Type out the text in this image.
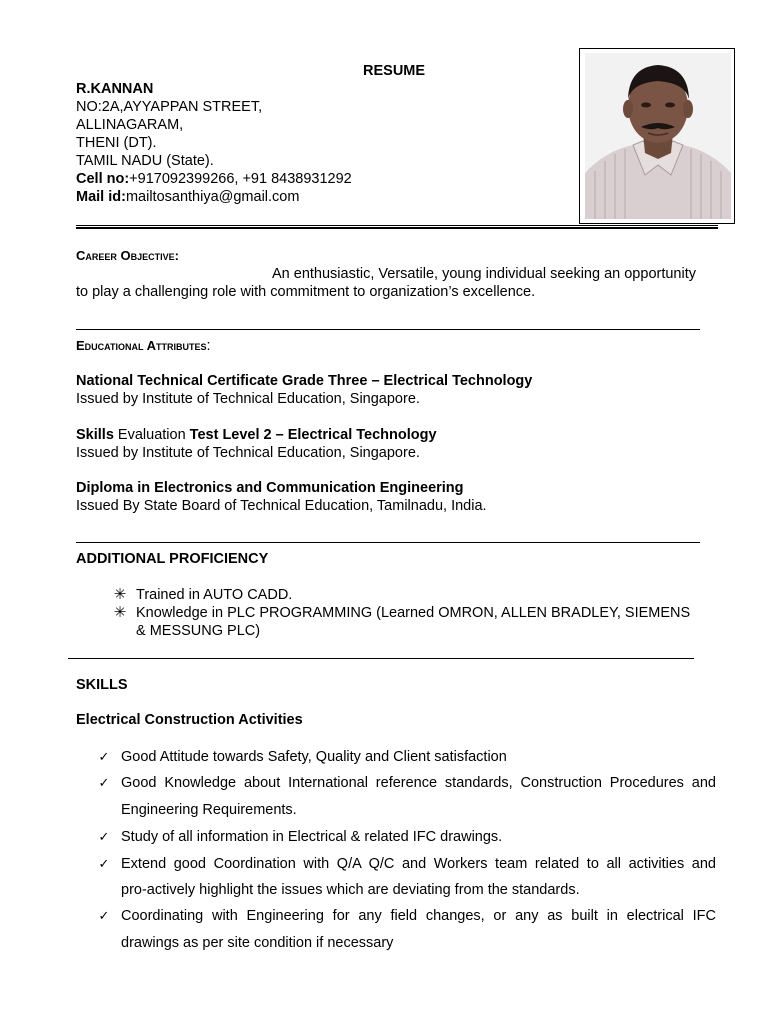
RESUME
R.KANNAN
NO:2A,AYYAPPAN STREET,
ALLINAGARAM,
THENI (DT).
TAMIL NADU (State).
Cell no:+917092399266, +91 8438931292
Mail id:mailtosanthiya@gmail.com
Career Objective:
An enthusiastic, Versatile, young individual seeking an opportunity
to play a challenging role with commitment to organization’s excellence.
Educational Attributes:
National Technical Certificate Grade Three – Electrical Technology
Issued by Institute of Technical Education, Singapore.
Skills Evaluation Test Level 2 – Electrical Technology
Issued by Institute of Technical Education, Singapore.
Diploma in Electronics and Communication Engineering
Issued By State Board of Technical Education, Tamilnadu, India.
ADDITIONAL PROFICIENCY
✳ Trained in AUTO CADD.
✳ Knowledge in PLC PROGRAMMING (Learned OMRON, ALLEN BRADLEY, SIEMENS
& MESSUNG PLC)
SKILLS
Electrical Construction Activities
✓ Good Attitude towards Safety, Quality and Client satisfaction
✓ Good Knowledge about International reference standards, Construction Procedures and
Engineering Requirements.
✓ Study of all information in Electrical & related IFC drawings.
✓ Extend good Coordination with Q/A Q/C and Workers team related to all activities and
pro-actively highlight the issues which are deviating from the standards.
✓ Coordinating with Engineering for any field changes, or any as built in electrical IFC
drawings as per site condition if necessary
